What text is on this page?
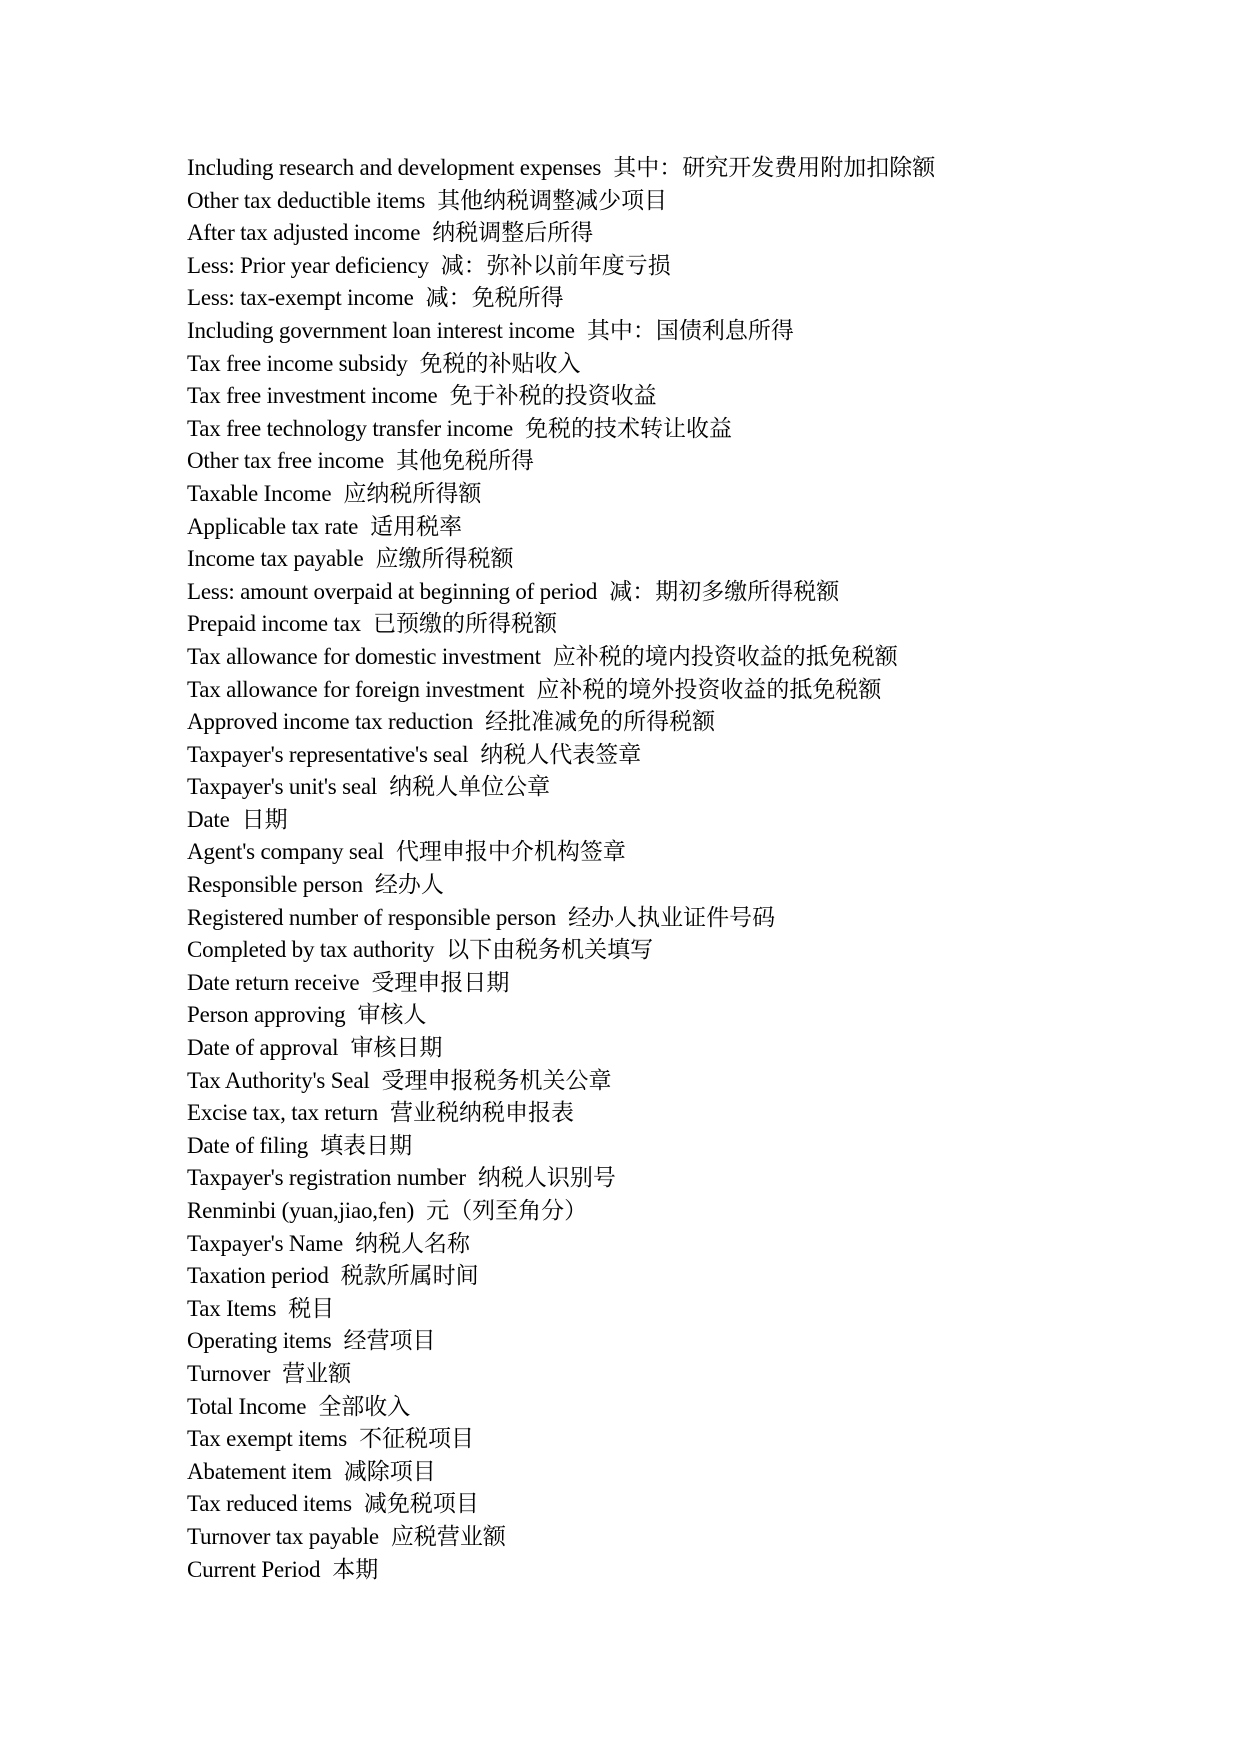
Including research and development expenses 其中：研究开发费用附加扣除额
Other tax deductible items 其他纳税调整减少项目
After tax adjusted income 纳税调整后所得
Less: Prior year deficiency 减：弥补以前年度亏损
Less: tax-exempt income 减：免税所得
Including government loan interest income 其中：国债利息所得
Tax free income subsidy 免税的补贴收入
Tax free investment income 免于补税的投资收益
Tax free technology transfer income 免税的技术转让收益
Other tax free income 其他免税所得
Taxable Income 应纳税所得额
Applicable tax rate 适用税率
Income tax payable 应缴所得税额
Less: amount overpaid at beginning of period 减：期初多缴所得税额
Prepaid income tax 已预缴的所得税额
Tax allowance for domestic investment 应补税的境内投资收益的抵免税额
Tax allowance for foreign investment 应补税的境外投资收益的抵免税额
Approved income tax reduction 经批准减免的所得税额
Taxpayer's representative's seal 纳税人代表签章
Taxpayer's unit's seal 纳税人单位公章
Date 日期
Agent's company seal 代理申报中介机构签章
Responsible person 经办人
Registered number of responsible person 经办人执业证件号码
Completed by tax authority 以下由税务机关填写
Date return receive 受理申报日期
Person approving 审核人
Date of approval 审核日期
Tax Authority's Seal 受理申报税务机关公章
Excise tax, tax return 营业税纳税申报表
Date of filing 填表日期
Taxpayer's registration number 纳税人识别号
Renminbi (yuan,jiao,fen) 元（列至角分）
Taxpayer's Name 纳税人名称
Taxation period 税款所属时间
Tax Items 税目
Operating items 经营项目
Turnover 营业额
Total Income 全部收入
Tax exempt items 不征税项目
Abatement item 减除项目
Tax reduced items 减免税项目
Turnover tax payable 应税营业额
Current Period 本期
